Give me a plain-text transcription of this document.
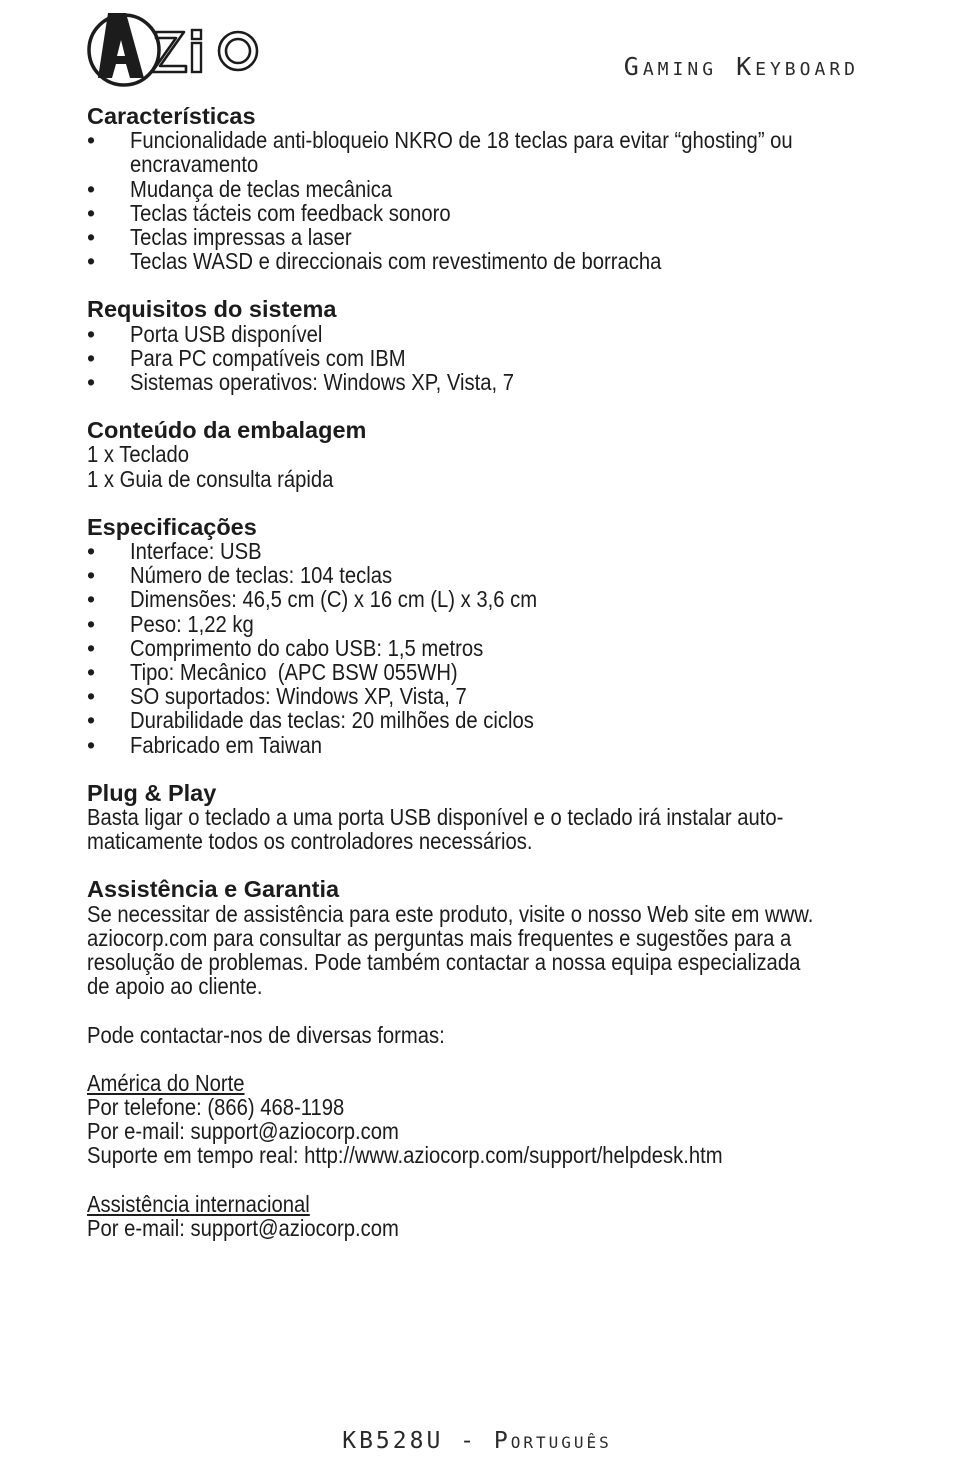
Gaming Keyboard
Características
• Funcionalidade anti-bloqueio NKRO de 18 teclas para evitar “ghosting” ou
encravamento
• Mudança de teclas mecânica
• Teclas tácteis com feedback sonoro
• Teclas impressas a laser
• Teclas WASD e direccionais com revestimento de borracha
Requisitos do sistema
• Porta USB disponível
• Para PC compatíveis com IBM
• Sistemas operativos: Windows XP, Vista, 7
Conteúdo da embalagem
1 x Teclado
1 x Guia de consulta rápida
Especificações
• Interface: USB
• Número de teclas: 104 teclas
• Dimensões: 46,5 cm (C) x 16 cm (L) x 3,6 cm
• Peso: 1,22 kg
• Comprimento do cabo USB: 1,5 metros
• Tipo: Mecânico  (APC BSW 055WH)
• SO suportados: Windows XP, Vista, 7
• Durabilidade das teclas: 20 milhões de ciclos
• Fabricado em Taiwan
Plug & Play
Basta ligar o teclado a uma porta USB disponível e o teclado irá instalar auto-
maticamente todos os controladores necessários.
Assistência e Garantia
Se necessitar de assistência para este produto, visite o nosso Web site em www.
aziocorp.com para consultar as perguntas mais frequentes e sugestões para a
resolução de problemas. Pode também contactar a nossa equipa especializada
de apoio ao cliente.
Pode contactar-nos de diversas formas:
América do Norte
Por telefone: (866) 468-1198
Por e-mail: support@aziocorp.com
Suporte em tempo real: http://www.aziocorp.com/support/helpdesk.htm
Assistência internacional
Por e-mail: support@aziocorp.com
KB528U - Português
